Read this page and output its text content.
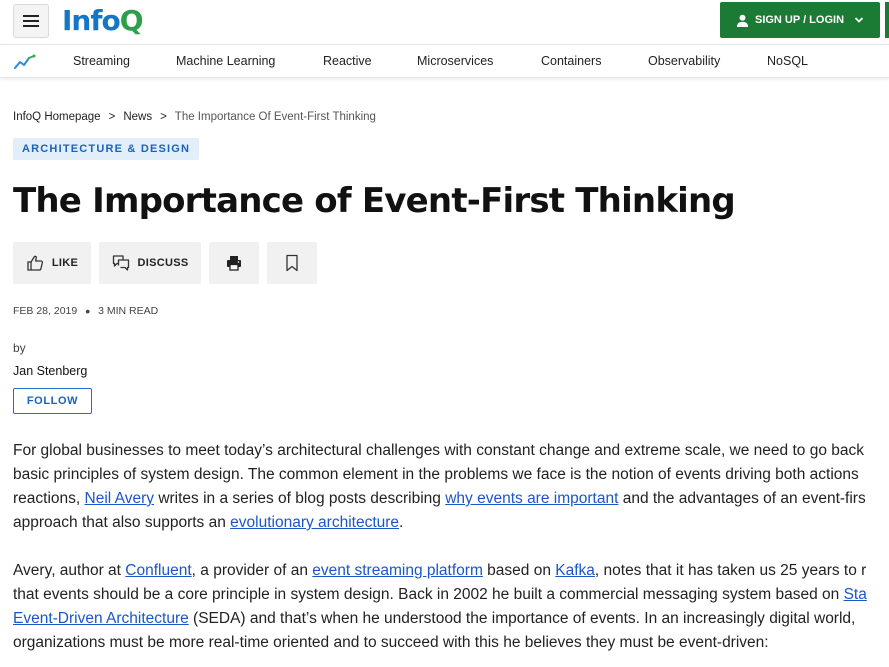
InfoQ	SIGN UP / LOGIN
Streaming	Machine Learning	Reactive	Microservices	Containers	Observability	NoSQL
InfoQ Homepage > News > The Importance Of Event-First Thinking
ARCHITECTURE & DESIGN
The Importance of Event-First Thinking
LIKE	DISCUSS
FEB 28, 2019 • 3 MIN READ
by
Jan Stenberg
FOLLOW
For global businesses to meet today’s architectural challenges with constant change and extreme scale, we need to go back
basic principles of system design. The common element in the problems we face is the notion of events driving both actions
reactions, Neil Avery writes in a series of blog posts describing why events are important and the advantages of an event-firs
approach that also supports an evolutionary architecture.
Avery, author at Confluent, a provider of an event streaming platform based on Kafka, notes that it has taken us 25 years to r
that events should be a core principle in system design. Back in 2002 he built a commercial messaging system based on Sta
Event-Driven Architecture (SEDA) and that’s when he understood the importance of events. In an increasingly digital world,
organizations must be more real-time oriented and to succeed with this he believes they must be event-driven:
